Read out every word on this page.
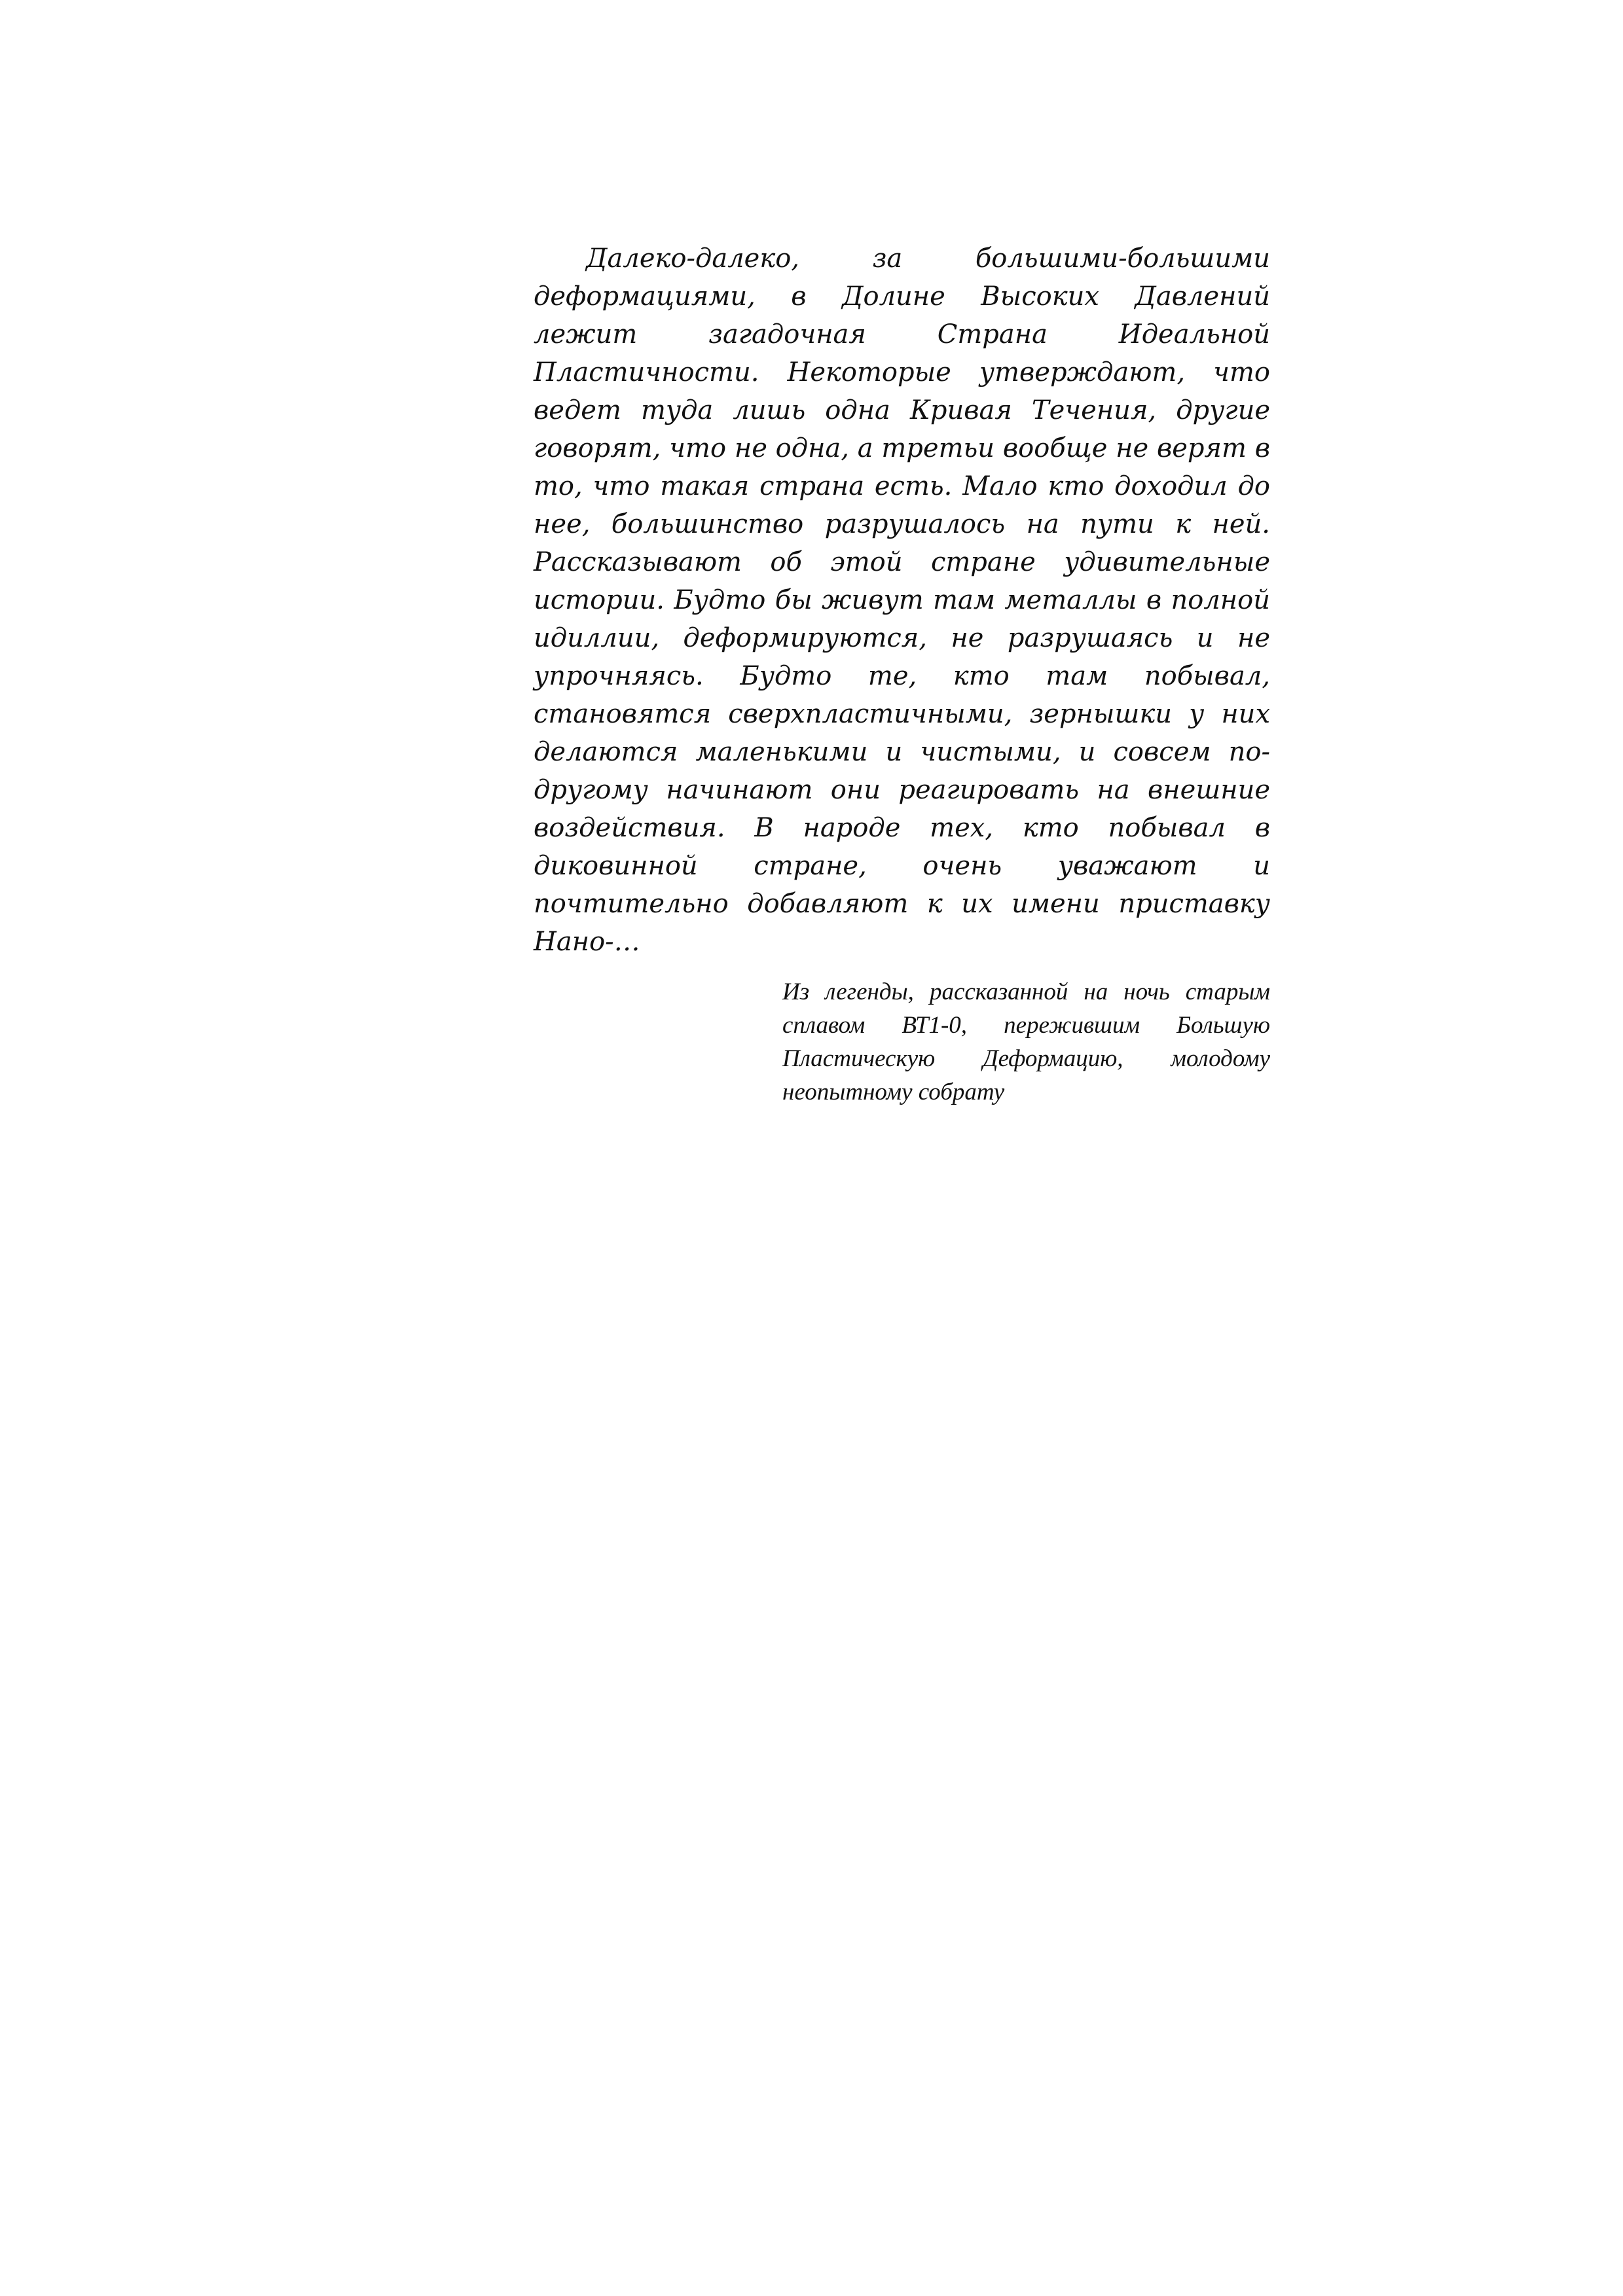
Далеко-далеко, за большими-большими деформациями, в Долине Высоких Давлений лежит загадочная Страна Идеальной Пластичности. Некоторые утверждают, что ведет туда лишь одна Кривая Течения, другие говорят, что не одна, а третьи вообще не верят в то, что такая страна есть. Мало кто доходил до нее, большинство разрушалось на пути к ней. Рассказывают об этой стране удивительные истории. Будто бы живут там металлы в полной идиллии, деформируются, не разрушаясь и не упрочняясь. Будто те, кто там побывал, становятся сверхпластичными, зернышки у них делаются маленькими и чистыми, и совсем по-другому начинают они реагировать на внешние воздействия. В народе тех, кто побывал в диковинной стране, очень уважают и почтительно добавляют к их имени приставку Нано-…

Из легенды, рассказанной на ночь старым сплавом ВТ1-0, пережившим Большую Пластическую Деформацию, молодому неопытному собрату
